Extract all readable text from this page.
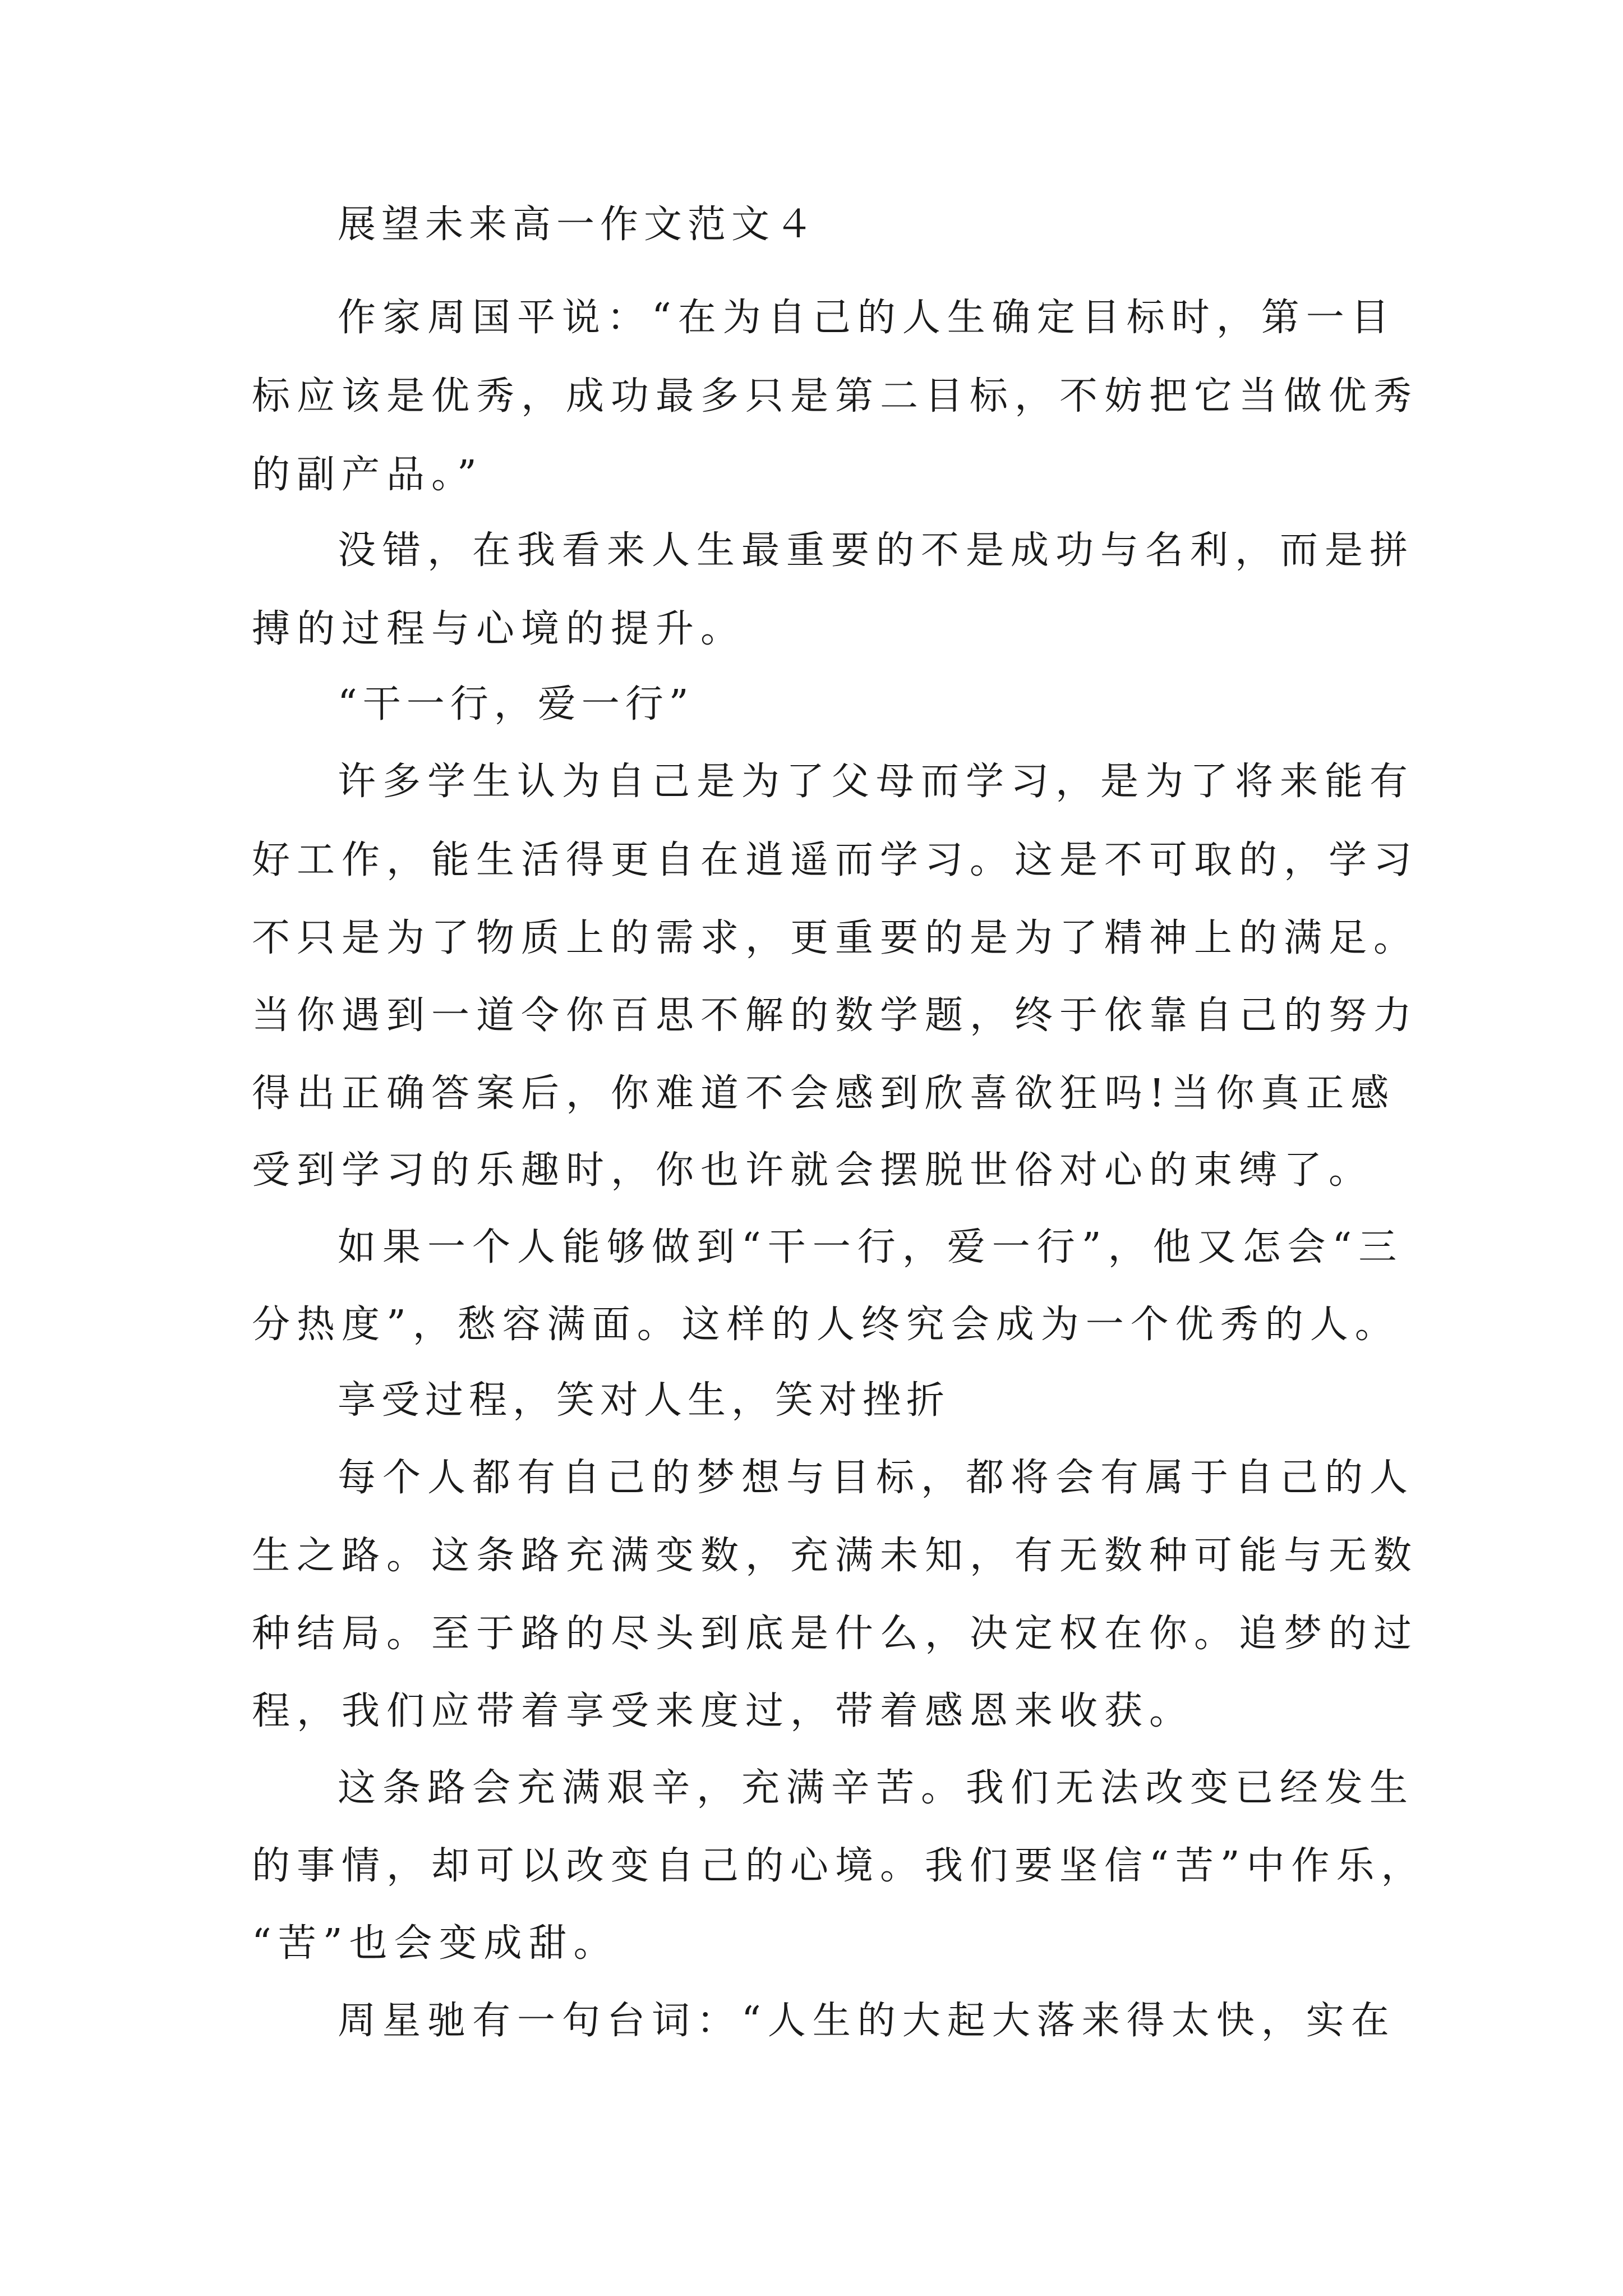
展望未来高一作文范文４
作家周国平说：“在为自己的人生确定目标时，第一目
标应该是优秀，成功最多只是第二目标，不妨把它当做优秀
的副产品。”
没错，在我看来人生最重要的不是成功与名利，而是拼
搏的过程与心境的提升。
“干一行，爱一行”
许多学生认为自己是为了父母而学习，是为了将来能有
好工作，能生活得更自在逍遥而学习。这是不可取的，学习
不只是为了物质上的需求，更重要的是为了精神上的满足。
当你遇到一道令你百思不解的数学题，终于依靠自己的努力
得出正确答案后，你难道不会感到欣喜欲狂吗!当你真正感
受到学习的乐趣时，你也许就会摆脱世俗对心的束缚了。
如果一个人能够做到“干一行，爱一行”，他又怎会“三
分热度”，愁容满面。这样的人终究会成为一个优秀的人。
享受过程，笑对人生，笑对挫折
每个人都有自己的梦想与目标，都将会有属于自己的人
生之路。这条路充满变数，充满未知，有无数种可能与无数
种结局。至于路的尽头到底是什么，决定权在你。追梦的过
程，我们应带着享受来度过，带着感恩来收获。
这条路会充满艰辛，充满辛苦。我们无法改变已经发生
的事情，却可以改变自己的心境。我们要坚信“苦”中作乐，
“苦”也会变成甜。
周星驰有一句台词：“人生的大起大落来得太快，实在
